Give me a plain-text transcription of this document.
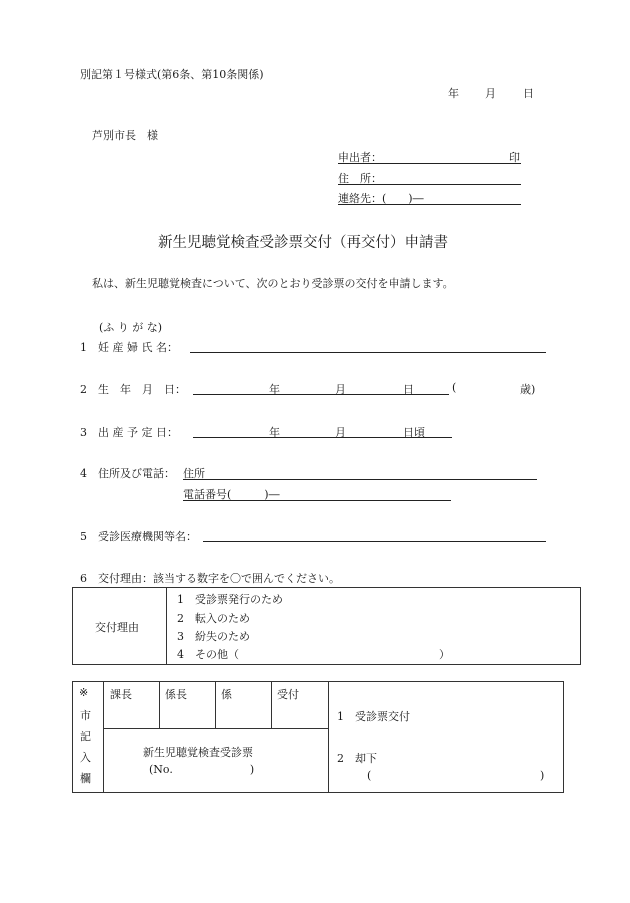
別記第１号様式(第6条、第10条関係)
年 月 日
芦別市長　様
申出者：	印
住　所：
連絡先：(　　)―
新生児聴覚検査受診票交付（再交付）申請書
私は、新生児聴覚検査について、次のとおり受診票の交付を申請します。
(ふ り が な)
1　妊 産 婦 氏 名：
2　生　年　月　日：	年	月	日	(	歳)
3　出 産 予 定 日：	年	月	日頃
4　住所及び電話： 住所
電話番号(　　　)―
5　受診医療機関等名：
6　交付理由：該当する数字を〇で囲んでください。
交付理由
1　受診票発行のため
2　転入のため
3　紛失のため
4　その他（	）
※
市
記
入
欄
課長	係長	係	受付
新生児聴覚検査受診票
(No.　　　　　　　)
1　受診票交付
2　却下
(	)
